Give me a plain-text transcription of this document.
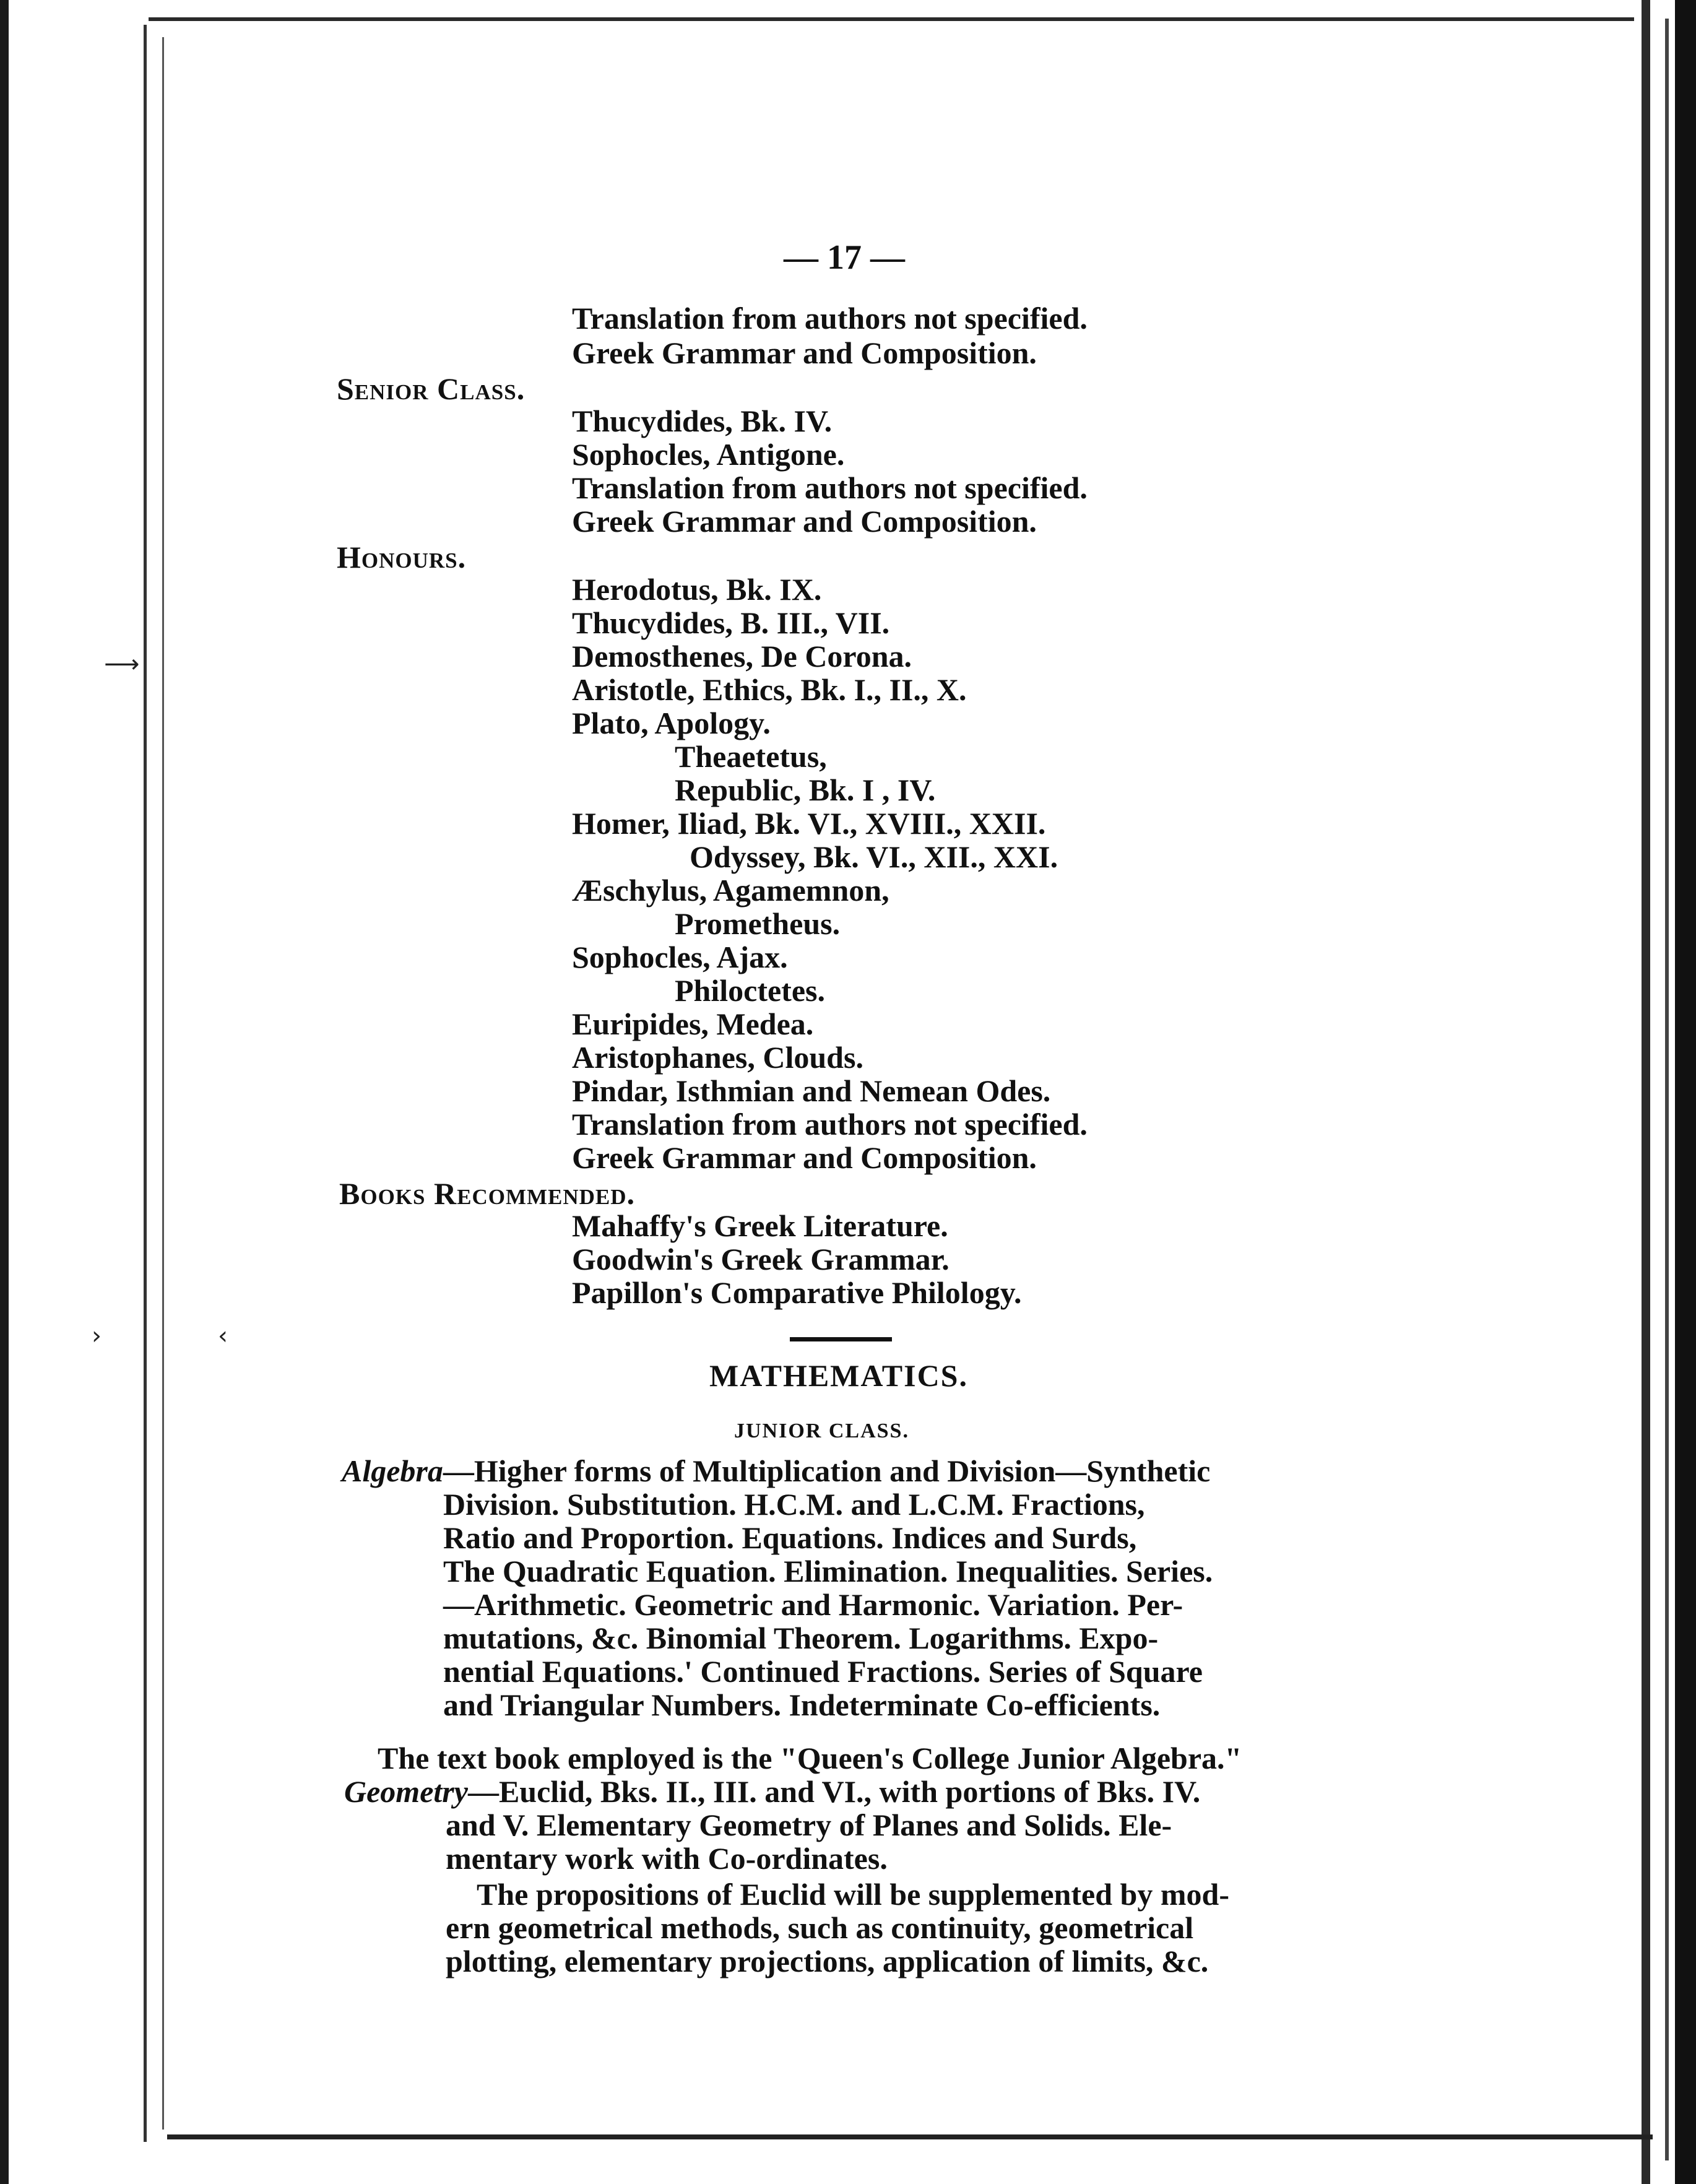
⟶
›	‹
— 17 —
Translation from authors not specified.
Greek Grammar and Composition.
Senior Class.
Thucydides, Bk. IV.
Sophocles, Antigone.
Translation from authors not specified.
Greek Grammar and Composition.
Honours.
Herodotus, Bk. IX.
Thucydides, B. III., VII.
Demosthenes, De Corona.
Aristotle, Ethics, Bk. I., II., X.
Plato, Apology.
Theaetetus,
Republic, Bk. I , IV.
Homer, Iliad, Bk. VI., XVIII., XXII.
Odyssey, Bk. VI., XII., XXI.
Æschylus, Agamemnon,
Prometheus.
Sophocles, Ajax.
Philoctetes.
Euripides, Medea.
Aristophanes, Clouds.
Pindar, Isthmian and Nemean Odes.
Translation from authors not specified.
Greek Grammar and Composition.
Books Recommended.
Mahaffy's Greek Literature.
Goodwin's Greek Grammar.
Papillon's Comparative Philology.
MATHEMATICS.
JUNIOR CLASS.
Algebra—Higher forms of Multiplication and Division—Synthetic
Division. Substitution. H.C.M. and L.C.M. Fractions,
Ratio and Proportion. Equations. Indices and Surds,
The Quadratic Equation. Elimination. Inequalities. Series.
—Arithmetic. Geometric and Harmonic. Variation. Per-
mutations, &c. Binomial Theorem. Logarithms. Expo-
nential Equations.' Continued Fractions. Series of Square
and Triangular Numbers. Indeterminate Co-efficients.
The text book employed is the "Queen's College Junior Algebra."
Geometry—Euclid, Bks. II., III. and VI., with portions of Bks. IV.
and V. Elementary Geometry of Planes and Solids. Ele-
mentary work with Co-ordinates.
The propositions of Euclid will be supplemented by mod-
ern geometrical methods, such as continuity, geometrical
plotting, elementary projections, application of limits, &c.
